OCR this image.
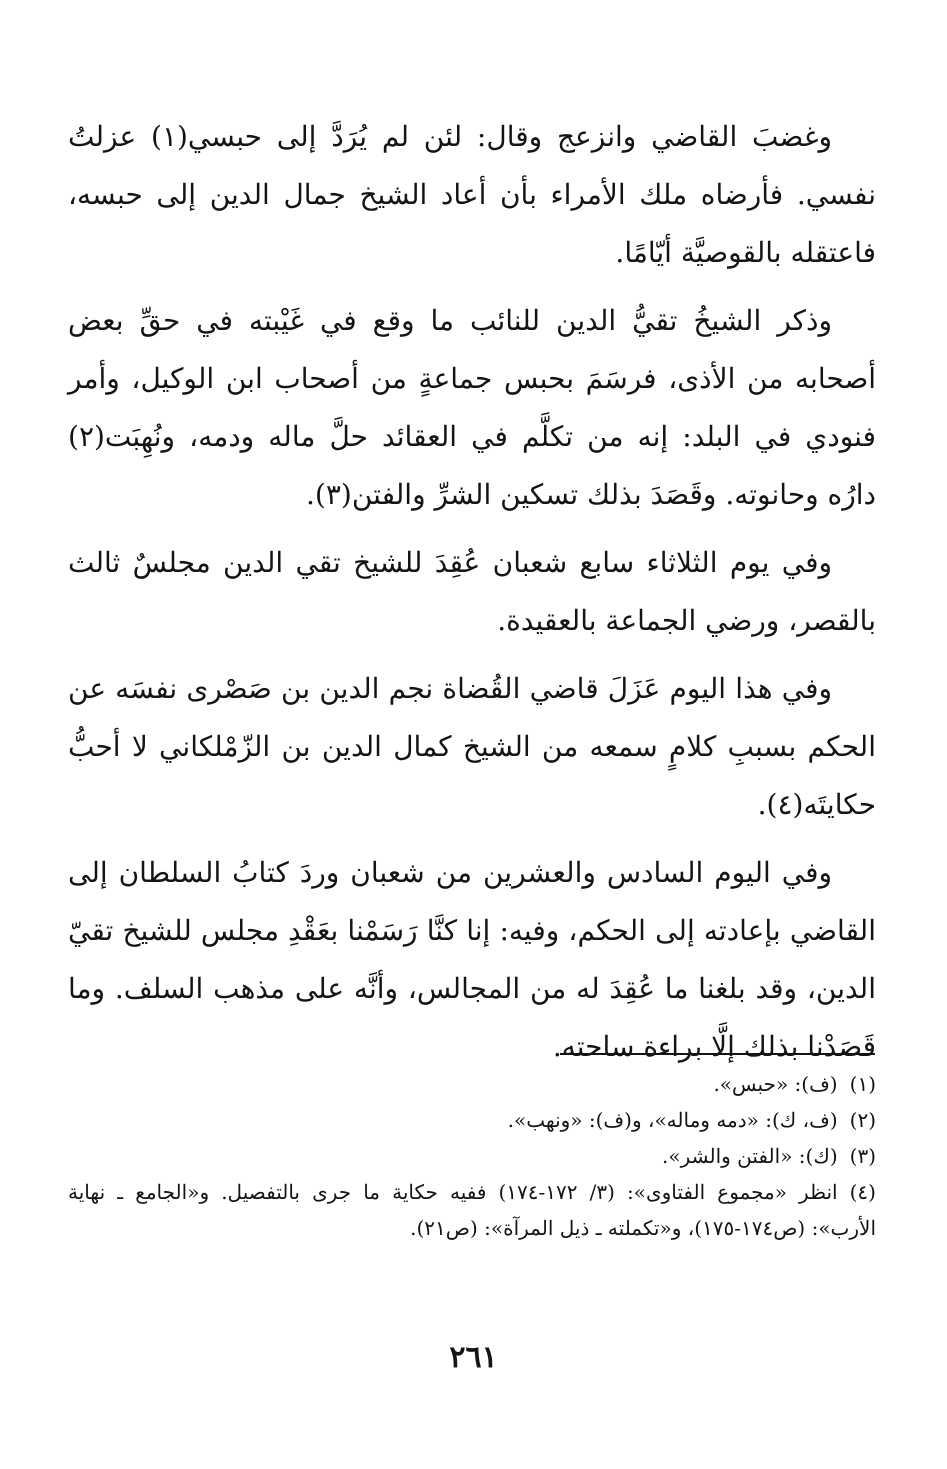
وغضبَ القاضي وانزعج وقال: لئن لم يُرَدَّ إلى حبسي(١) عزلتُ نفسي. فأرضاه ملك الأمراء بأن أعاد الشيخ جمال الدين إلى حبسه، فاعتقله بالقوصيَّة أيّامًا.

وذكر الشيخُ تقيُّ الدين للنائب ما وقع في غَيْبته في حقِّ بعض أصحابه من الأذى، فرسَمَ بحبس جماعةٍ من أصحاب ابن الوكيل، وأمر فنودي في البلد: إنه من تكلَّم في العقائد حلَّ ماله ودمه، ونُهِبَت(٢) دارُه وحانوته. وقَصَدَ بذلك تسكين الشرِّ والفتن(٣).

وفي يوم الثلاثاء سابع شعبان عُقِدَ للشيخ تقي الدين مجلسٌ ثالث بالقصر، ورضي الجماعة بالعقيدة.

وفي هذا اليوم عَزَلَ قاضي القُضاة نجم الدين بن صَصْرى نفسَه عن الحكم بسببِ كلامٍ سمعه من الشيخ كمال الدين بن الزّمْلكاني لا أحبُّ حكايتَه(٤).

وفي اليوم السادس والعشرين من شعبان وردَ كتابُ السلطان إلى القاضي بإعادته إلى الحكم، وفيه: إنا كنَّا رَسَمْنا بعَقْدِ مجلس للشيخ تقيّ الدين، وقد بلغنا ما عُقِدَ له من المجالس، وأنَّه على مذهب السلف. وما قَصَدْنا بذلك إلَّا براءة ساحته.

(١)(ف): «حبس».

(٢)(ف، ك): «دمه وماله»، و(ف): «ونهب».

(٣)(ك): «الفتن والشر».

(٤)انظر «مجموع الفتاوى»: (٣/ ١٧٢-١٧٤) ففيه حكاية ما جرى بالتفصيل. و«الجامع ـ نهاية الأرب»: (ص١٧٤-١٧٥)، و«تكملته ـ ذيل المرآة»: (ص٢١).

٢٦١
